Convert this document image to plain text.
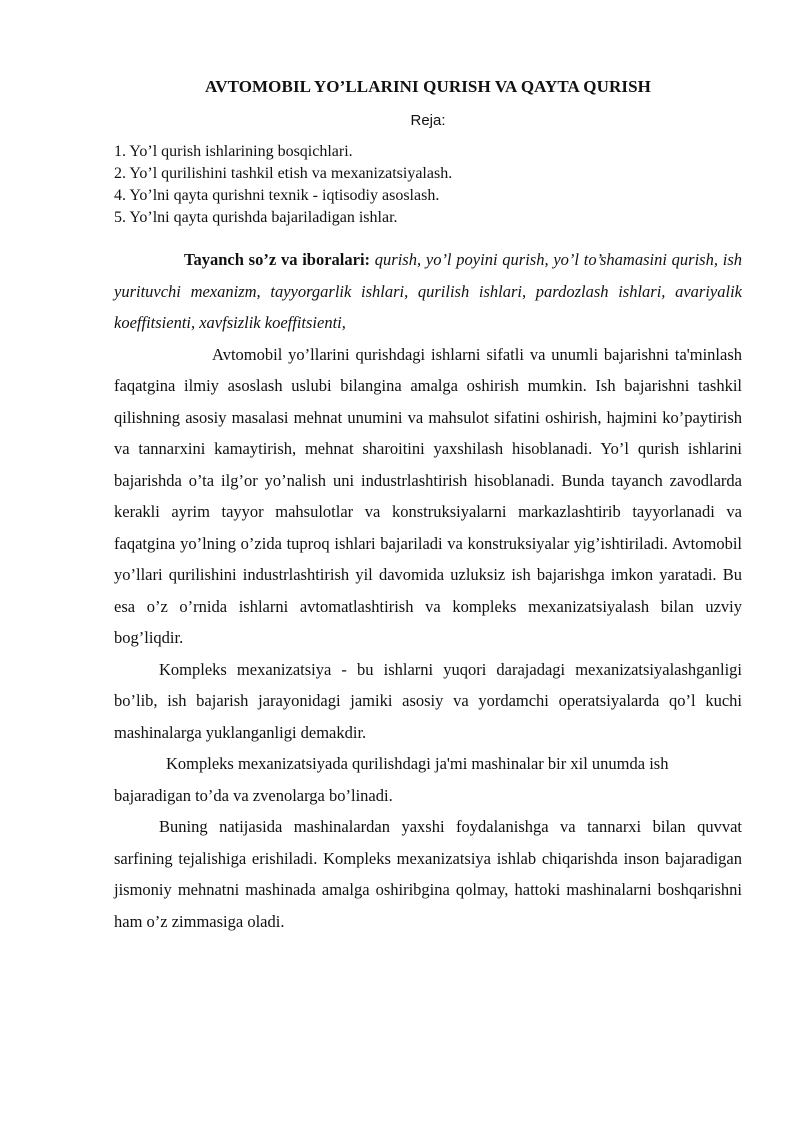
AVTOMOBIL YO’LLARINI QURISH VA QAYTA QURISH
Reja:
1. Yo’l qurish ishlarining bosqichlari.
2. Yo’l qurilishini tashkil etish va mexanizatsiyalash.
4. Yo’lni qayta qurishni texnik - iqtisodiy asoslash.
5. Yo’lni qayta qurishda bajariladigan ishlar.

Tayanch so’z va iboralari: qurish, yo’l poyini qurish, yo’l to’shamasini qurish, ish yurituvchi mexanizm, tayyorgarlik ishlari, qurilish ishlari, pardozlash ishlari, avariyalik koeffitsienti, xavfsizlik koeffitsienti,

Avtomobil yo’llarini qurishdagi ishlarni sifatli va unumli bajarishni ta'minlash faqatgina ilmiy asoslash uslubi bilangina amalga oshirish mumkin. Ish bajarishni tashkil qilishning asosiy masalasi mehnat unumini va mahsulot sifatini oshirish, hajmini ko’paytirish va tannarxini kamaytirish, mehnat sharoitini yaxshilash hisoblanadi. Yo’l qurish ishlarini bajarishda o’ta ilg’or yo’nalish uni industrlashtirish hisoblanadi. Bunda tayanch zavodlarda kerakli ayrim tayyor mahsulotlar va konstruksiyalarni markazlashtirib tayyorlanadi va faqatgina yo’lning o’zida tuproq ishlari bajariladi va konstruksiyalar yig’ishtiriladi. Avtomobil yo’llari qurilishini industrlashtirish yil davomida uzluksiz ish bajarishga imkon yaratadi. Bu esa o’z o’rnida ishlarni avtomatlashtirish va kompleks mexanizatsiyalash bilan uzviy bog’liqdir.

Kompleks mexanizatsiya - bu ishlarni yuqori darajadagi mexanizatsiyalashganligi bo’lib, ish bajarish jarayonidagi jamiki asosiy va yordamchi operatsiyalarda qo’l kuchi mashinalarga yuklanganligi demakdir.

Kompleks mexanizatsiyada qurilishdagi ja'mi mashinalar bir xil unumda ish bajaradigan to’da va zvenolarga bo’linadi.

Buning natijasida mashinalardan yaxshi foydalanishga va tannarxi bilan quvvat sarfining tejalishiga erishiladi. Kompleks mexanizatsiya ishlab chiqarishda inson bajaradigan jismoniy mehnatni mashinada amalga oshiribgina qolmay, hattoki mashinalarni boshqarishni ham o’z zimmasiga oladi.
